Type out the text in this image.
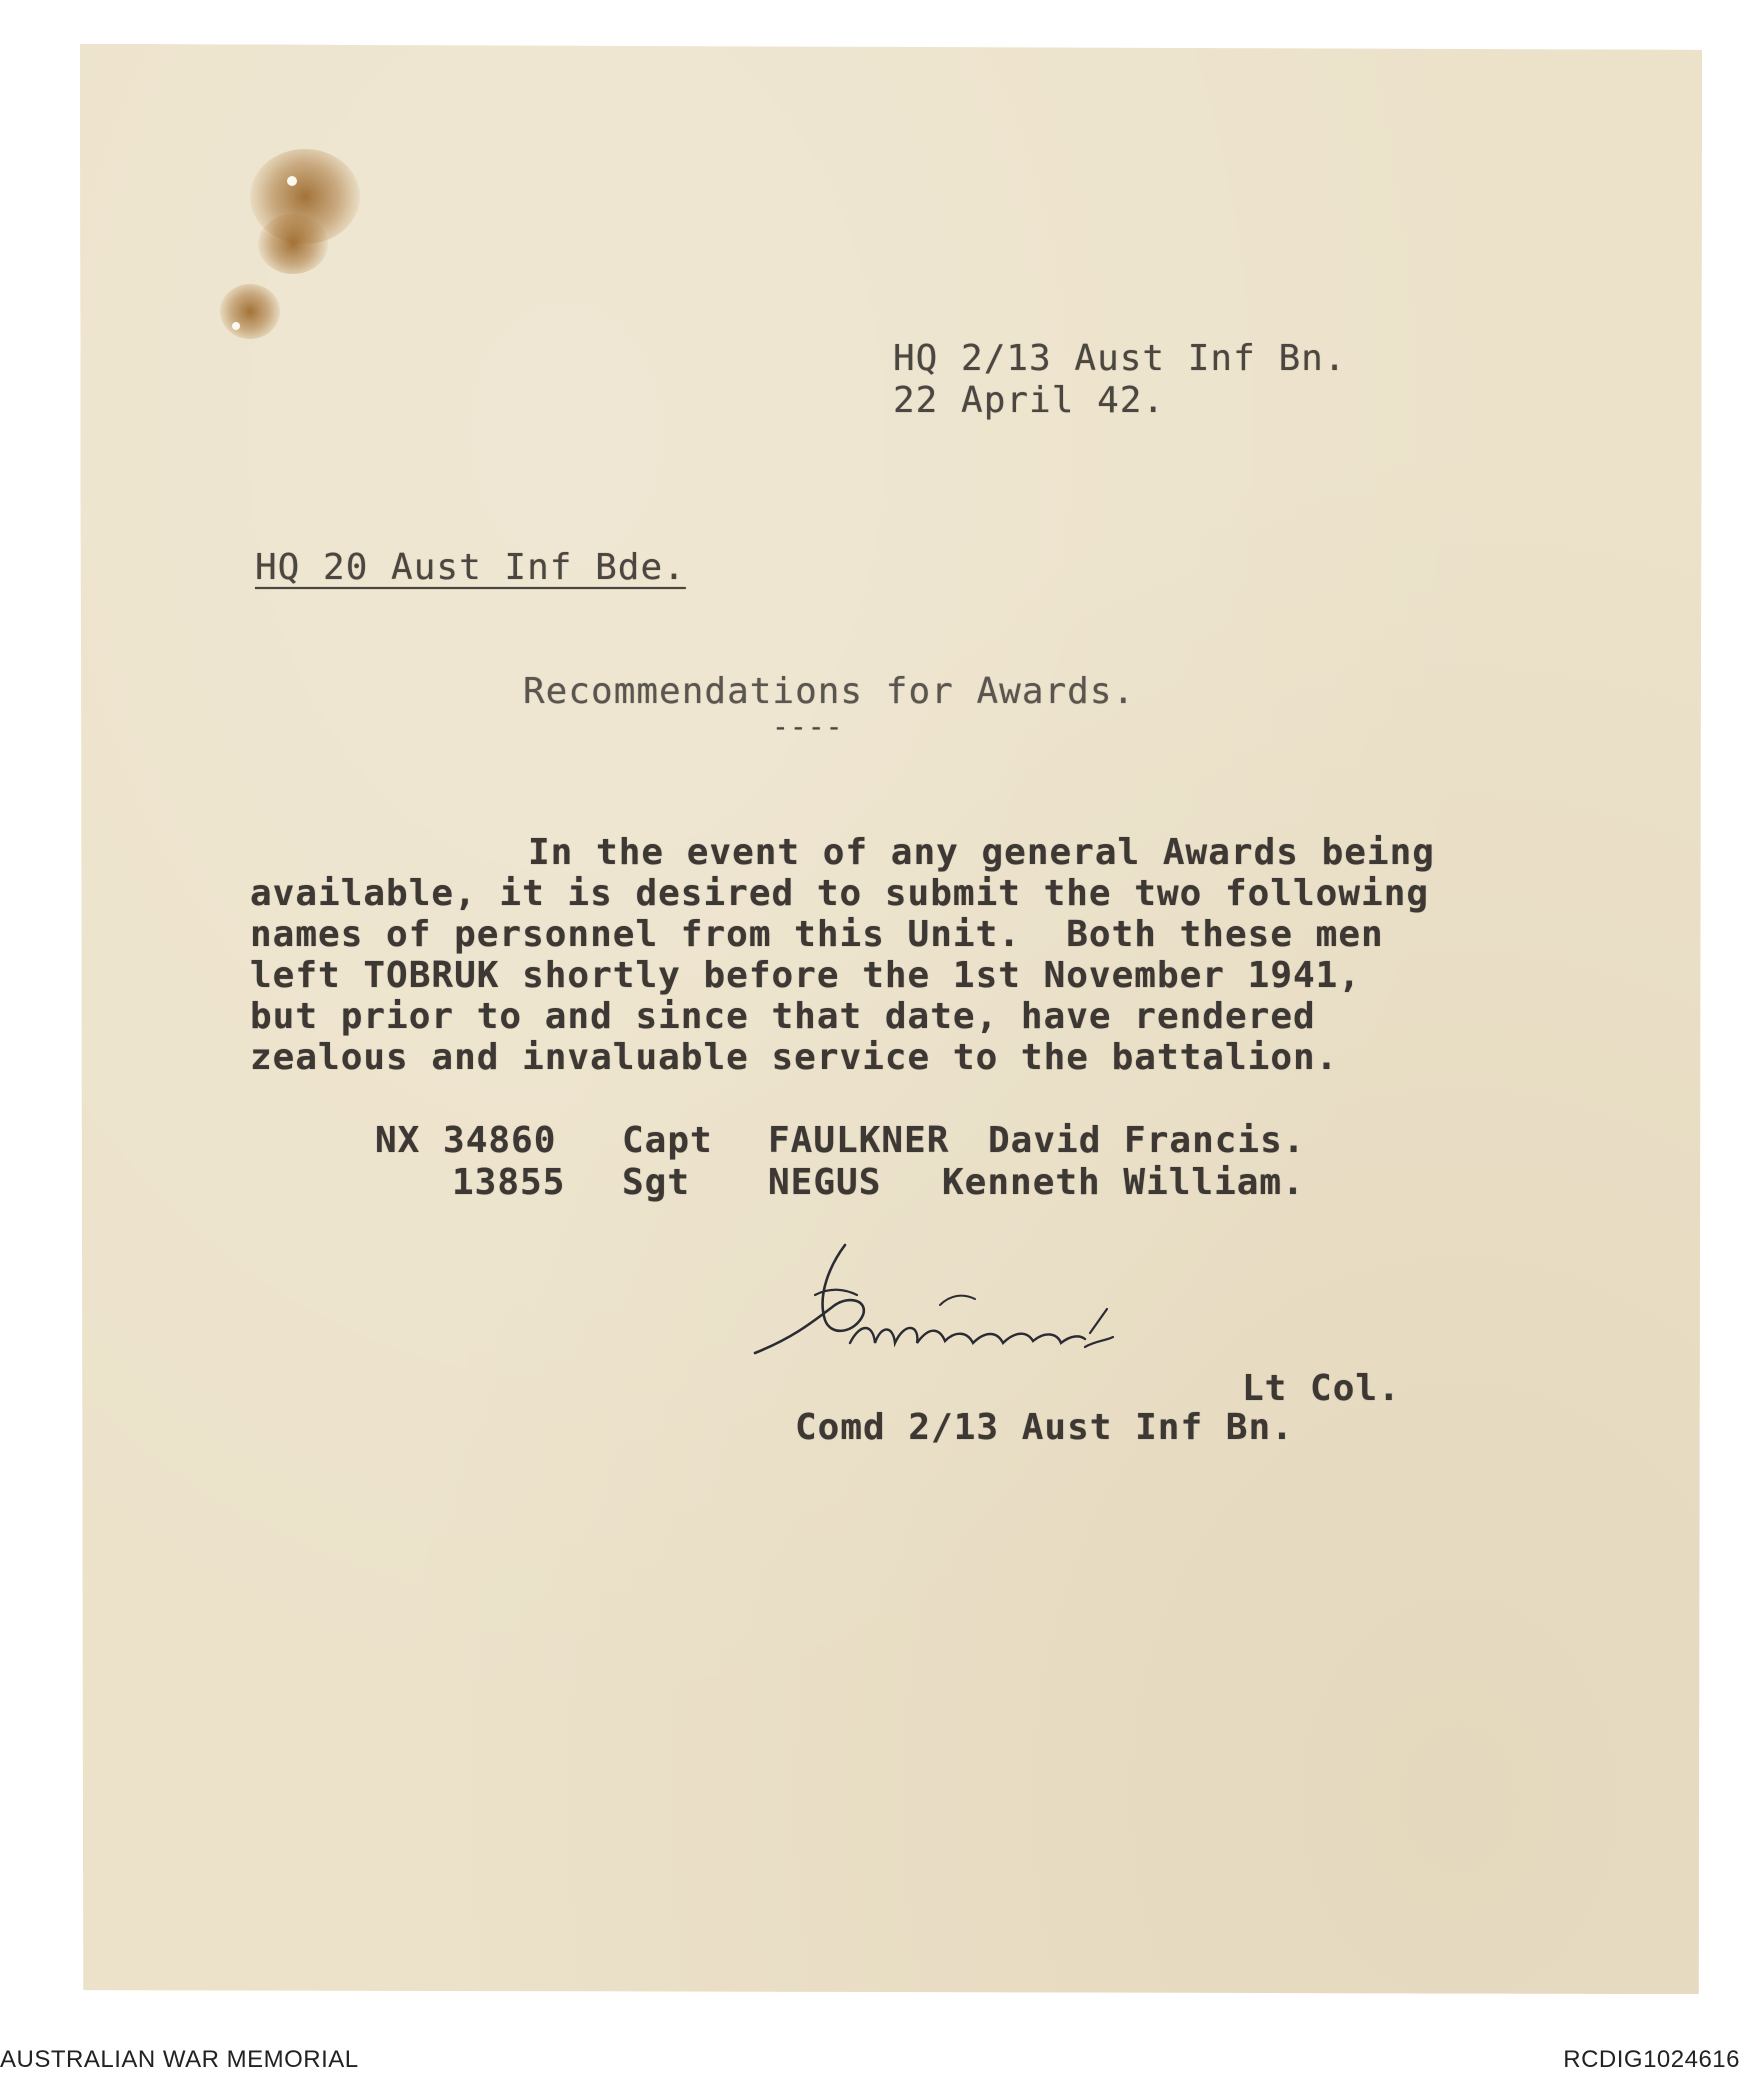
HQ 2/13 Aust Inf Bn.
22 April 42.
HQ 20 Aust Inf Bde.
Recommendations for Awards.
----
In the event of any general Awards being
available, it is desired to submit the two following
names of personnel from this Unit.  Both these men
left TOBRUK shortly before the 1st November 1941,
but prior to and since that date, have rendered
zealous and invaluable service to the battalion.
NX 34860 Capt FAULKNER David Francis.
13855 Sgt NEGUS Kenneth William.
Lt Col.
Comd 2/13 Aust Inf Bn.
AUSTRALIAN WAR MEMORIAL	RCDIG1024616
